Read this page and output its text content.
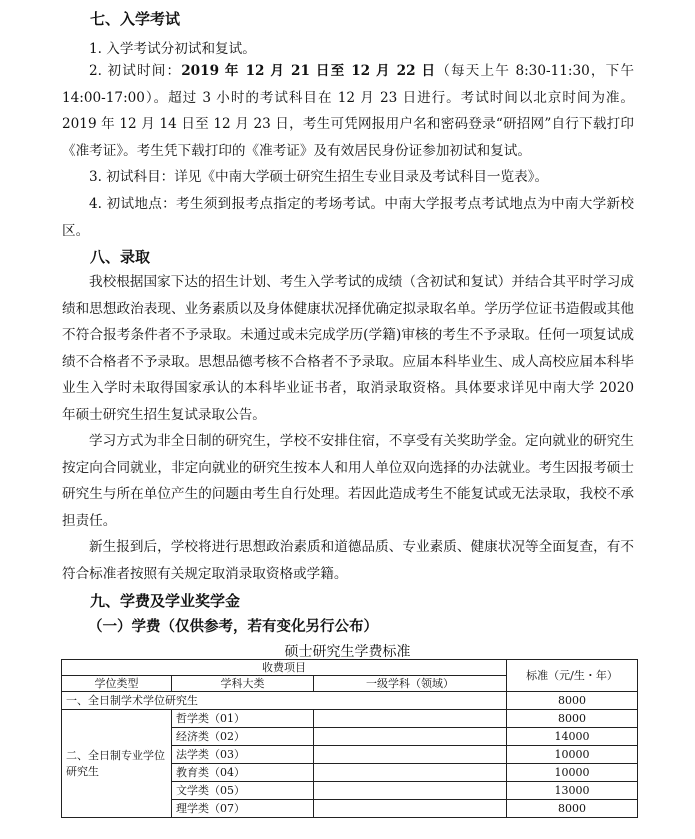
七、入学考试
1. 入学考试分初试和复试。
2. 初试时间：2019 年 12 月 21 日至 12 月 22 日（每天上午 8:30-11:30，下午 14:00-17:00）。超过 3 小时的考试科目在 12 月 23 日进行。考试时间以北京时间为准。2019 年 12 月 14 日至 12 月 23 日，考生可凭网报用户名和密码登录“研招网”自行下载打印《准考证》。考生凭下载打印的《准考证》及有效居民身份证参加初试和复试。
3. 初试科目：详见《中南大学硕士研究生招生专业目录及考试科目一览表》。
4. 初试地点：考生须到报考点指定的考场考试。中南大学报考点考试地点为中南大学新校区。
八、录取
我校根据国家下达的招生计划、考生入学考试的成绩（含初试和复试）并结合其平时学习成绩和思想政治表现、业务素质以及身体健康状况择优确定拟录取名单。学历学位证书造假或其他不符合报考条件者不予录取。未通过或未完成学历(学籍)审核的考生不予录取。任何一项复试成绩不合格者不予录取。思想品德考核不合格者不予录取。应届本科毕业生、成人高校应届本科毕业生入学时未取得国家承认的本科毕业证书者，取消录取资格。具体要求详见中南大学 2020 年硕士研究生招生复试录取公告。
学习方式为非全日制的研究生，学校不安排住宿，不享受有关奖助学金。定向就业的研究生按定向合同就业，非定向就业的研究生按本人和用人单位双向选择的办法就业。考生因报考硕士研究生与所在单位产生的问题由考生自行处理。若因此造成考生不能复试或无法录取，我校不承担责任。
新生报到后，学校将进行思想政治素质和道德品质、专业素质、健康状况等全面复查，有不符合标准者按照有关规定取消录取资格或学籍。
九、学费及学业奖学金
（一）学费（仅供参考，若有变化另行公布）
硕士研究生学费标准
收费项目			标准（元/生・年）
学位类型	学科大类	一级学科（领域）	
一、全日制学术学位研究生			8000
二、全日制专业学位研究生	哲学类（01）		8000
	经济类（02）		14000
	法学类（03）		10000
	教育类（04）		10000
	文学类（05）		13000
	理学类（07）		8000
